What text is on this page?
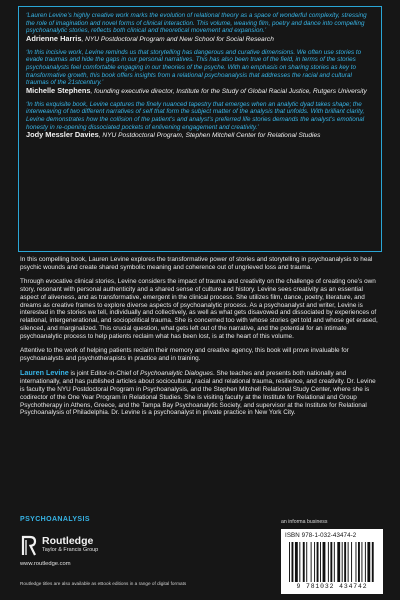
‘Lauren Levine’s highly creative work marks the evolution of relational theory as a space of wonderful complexity, stressing the role of imagination and novel forms of clinical interaction. This volume, weaving film, poetry and dance into compelling psychoanalytic stories, reflects both clinical and theoretical movement and expansion.’
Adrienne Harris, NYU Postdoctoral Program and New School for Social Research
‘In this incisive work, Levine reminds us that storytelling has dangerous and curative dimensions. We often use stories to evade traumas and hide the gaps in our personal narratives. This has also been true of the field, in terms of the stories psychoanalysts feel comfortable engaging in our theories of the psyche. With an emphasis on sharing stories as key to transformative growth, this book offers insights from a relational psychoanalysis that addresses the racial and cultural traumas of the 21stcentury.’
Michelle Stephens, founding executive director, Institute for the Study of Global Racial Justice, Rutgers University
‘In this exquisite book, Levine captures the finely nuanced tapestry that emerges when an analytic dyad takes shape; the interweaving of two different narratives of self that form the subject matter of the analysis that unfolds. With brilliant clarity, Levine demonstrates how the collision of the patient’s and analyst’s preferred life stories demands the analyst’s emotional honesty in re-opening dissociated pockets of enlivening engagement and creativity.’
Jody Messler Davies, NYU Postdoctoral Program, Stephen Mitchell Center for Relational Studies

In this compelling book, Lauren Levine explores the transformative power of stories and storytelling in psychoanalysis to heal psychic wounds and create shared symbolic meaning and coherence out of ungrieved loss and trauma.

Through evocative clinical stories, Levine considers the impact of trauma and creativity on the challenge of creating one’s own story, resonant with personal authenticity and a shared sense of culture and history. Levine sees creativity as an essential aspect of aliveness, and as transformative, emergent in the clinical process. She utilizes film, dance, poetry, literature, and dreams as creative frames to explore diverse aspects of psychoanalytic process. As a psychoanalyst and writer, Levine is interested in the stories we tell, individually and collectively, as well as what gets disavowed and dissociated by experiences of relational, intergenerational, and sociopolitical trauma. She is concerned too with whose stories get told and whose get erased, silenced, and marginalized. This crucial question, what gets left out of the narrative, and the potential for an intimate psychoanalytic process to help patients reclaim what has been lost, is at the heart of this volume.

Attentive to the work of helping patients reclaim their memory and creative agency, this book will prove invaluable for psychoanalysts and psychotherapists in practice and in training.

Lauren Levine is joint Editor-in-Chief of Psychoanalytic Dialogues. She teaches and presents both nationally and internationally, and has published articles about sociocultural, racial and relational trauma, resilience, and creativity. Dr. Levine is faculty the NYU Postdoctoral Program in Psychoanalysis, and the Stephen Mitchell Relational Study Center, where she is codirector of the One Year Program in Relational Studies. She is visiting faculty at the Institute for Relational and Group Psychotherapy in Athens, Greece, and the Tampa Bay Psychoanalytic Society, and supervisor at the Institute for Relational Psychoanalysis of Philadelphia. Dr. Levine is a psychoanalyst in private practice in New York City.

PSYCHOANALYSIS
Routledge
Taylor & Francis Group
www.routledge.com
Routledge titles are also available as eBook editions in a range of digital formats
an informa business
ISBN 978-1-032-43474-2
9 781032 434742
